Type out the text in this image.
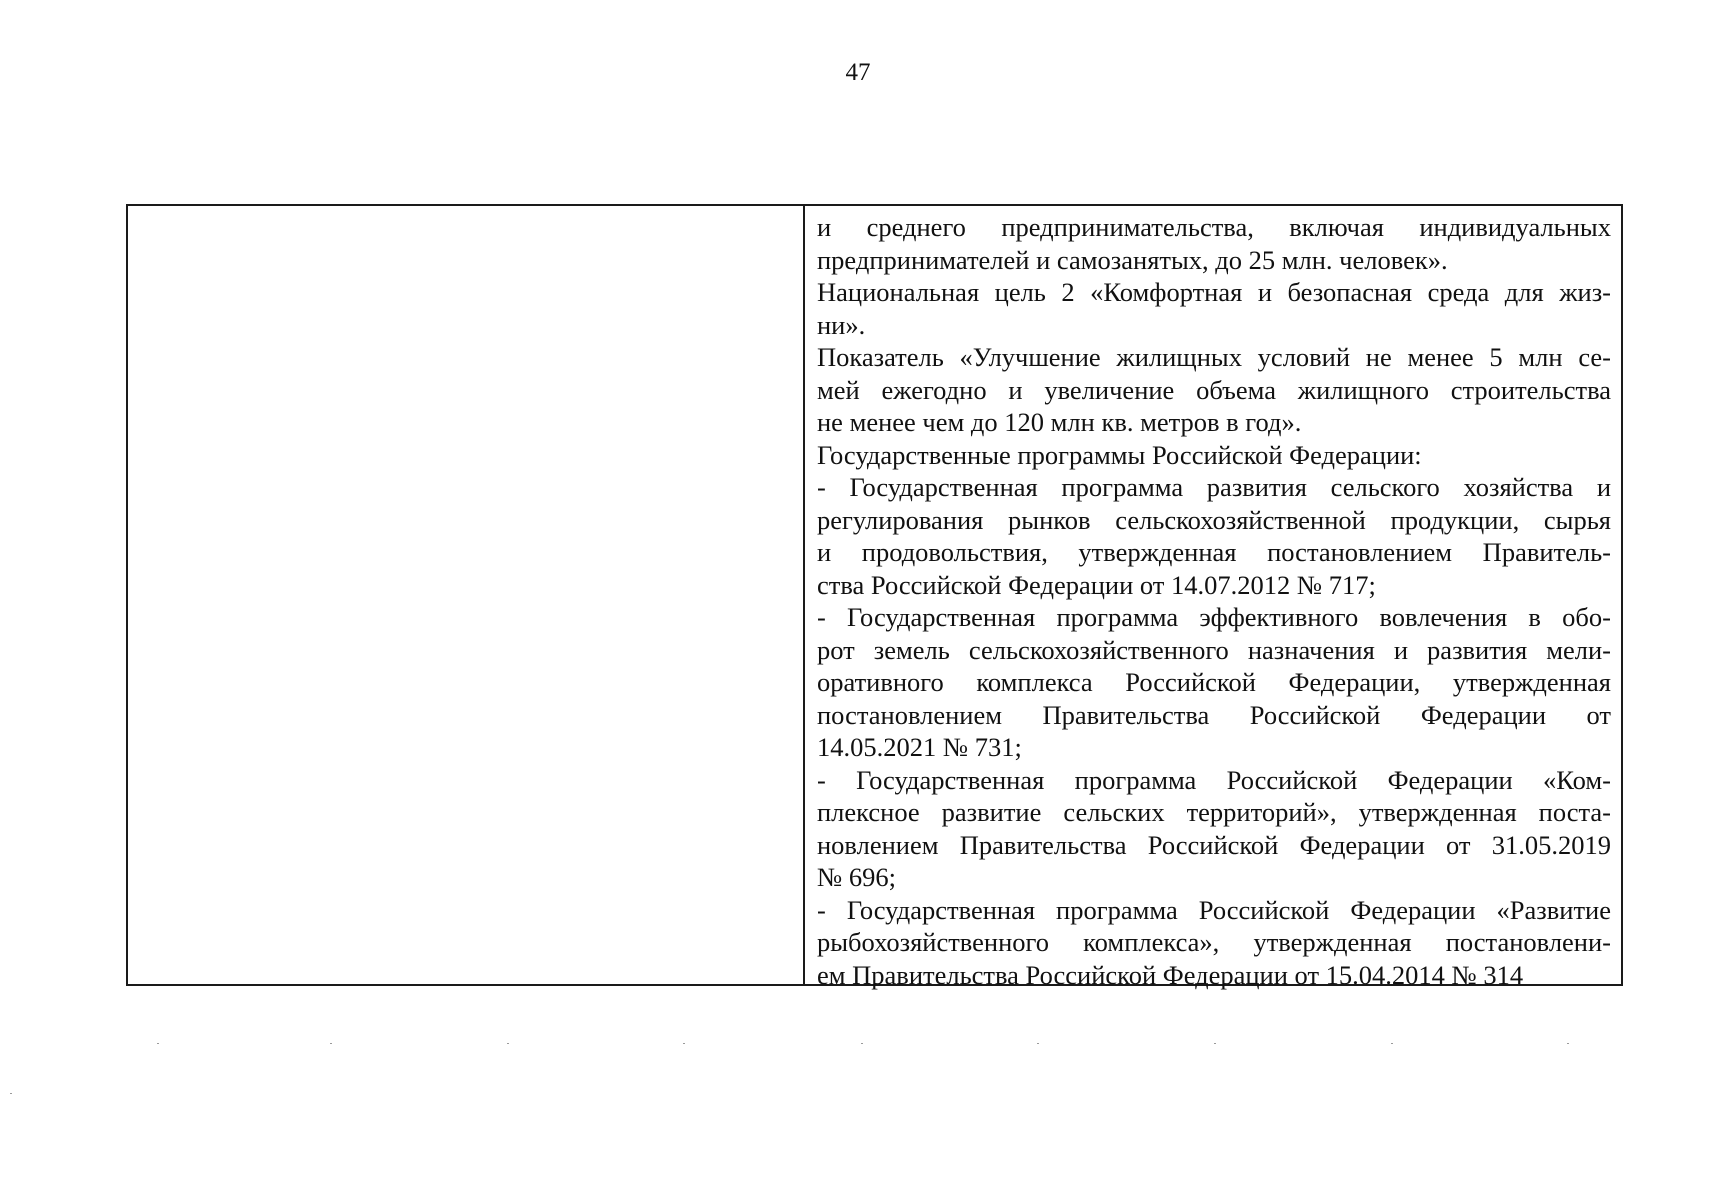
47
и среднего предпринимательства, включая индивидуальных
предпринимателей и самозанятых, до 25 млн. человек».
Национальная цель 2 «Комфортная и безопасная среда для жиз-
ни».
Показатель «Улучшение жилищных условий не менее 5 млн се-
мей ежегодно и увеличение объема жилищного строительства
не менее чем до 120 млн кв. метров в год».
Государственные программы Российской Федерации:
- Государственная программа развития сельского хозяйства и
регулирования рынков сельскохозяйственной продукции, сырья
и продовольствия, утвержденная постановлением Правитель-
ства Российской Федерации от 14.07.2012 № 717;
- Государственная программа эффективного вовлечения в обо-
рот земель сельскохозяйственного назначения и развития мели-
оративного комплекса Российской Федерации, утвержденная
постановлением Правительства Российской Федерации от
14.05.2021 № 731;
- Государственная программа Российской Федерации «Ком-
плексное развитие сельских территорий», утвержденная поста-
новлением Правительства Российской Федерации от 31.05.2019
№ 696;
- Государственная программа Российской Федерации «Развитие
рыбохозяйственного комплекса», утвержденная постановлени-
ем Правительства Российской Федерации от 15.04.2014 № 314
